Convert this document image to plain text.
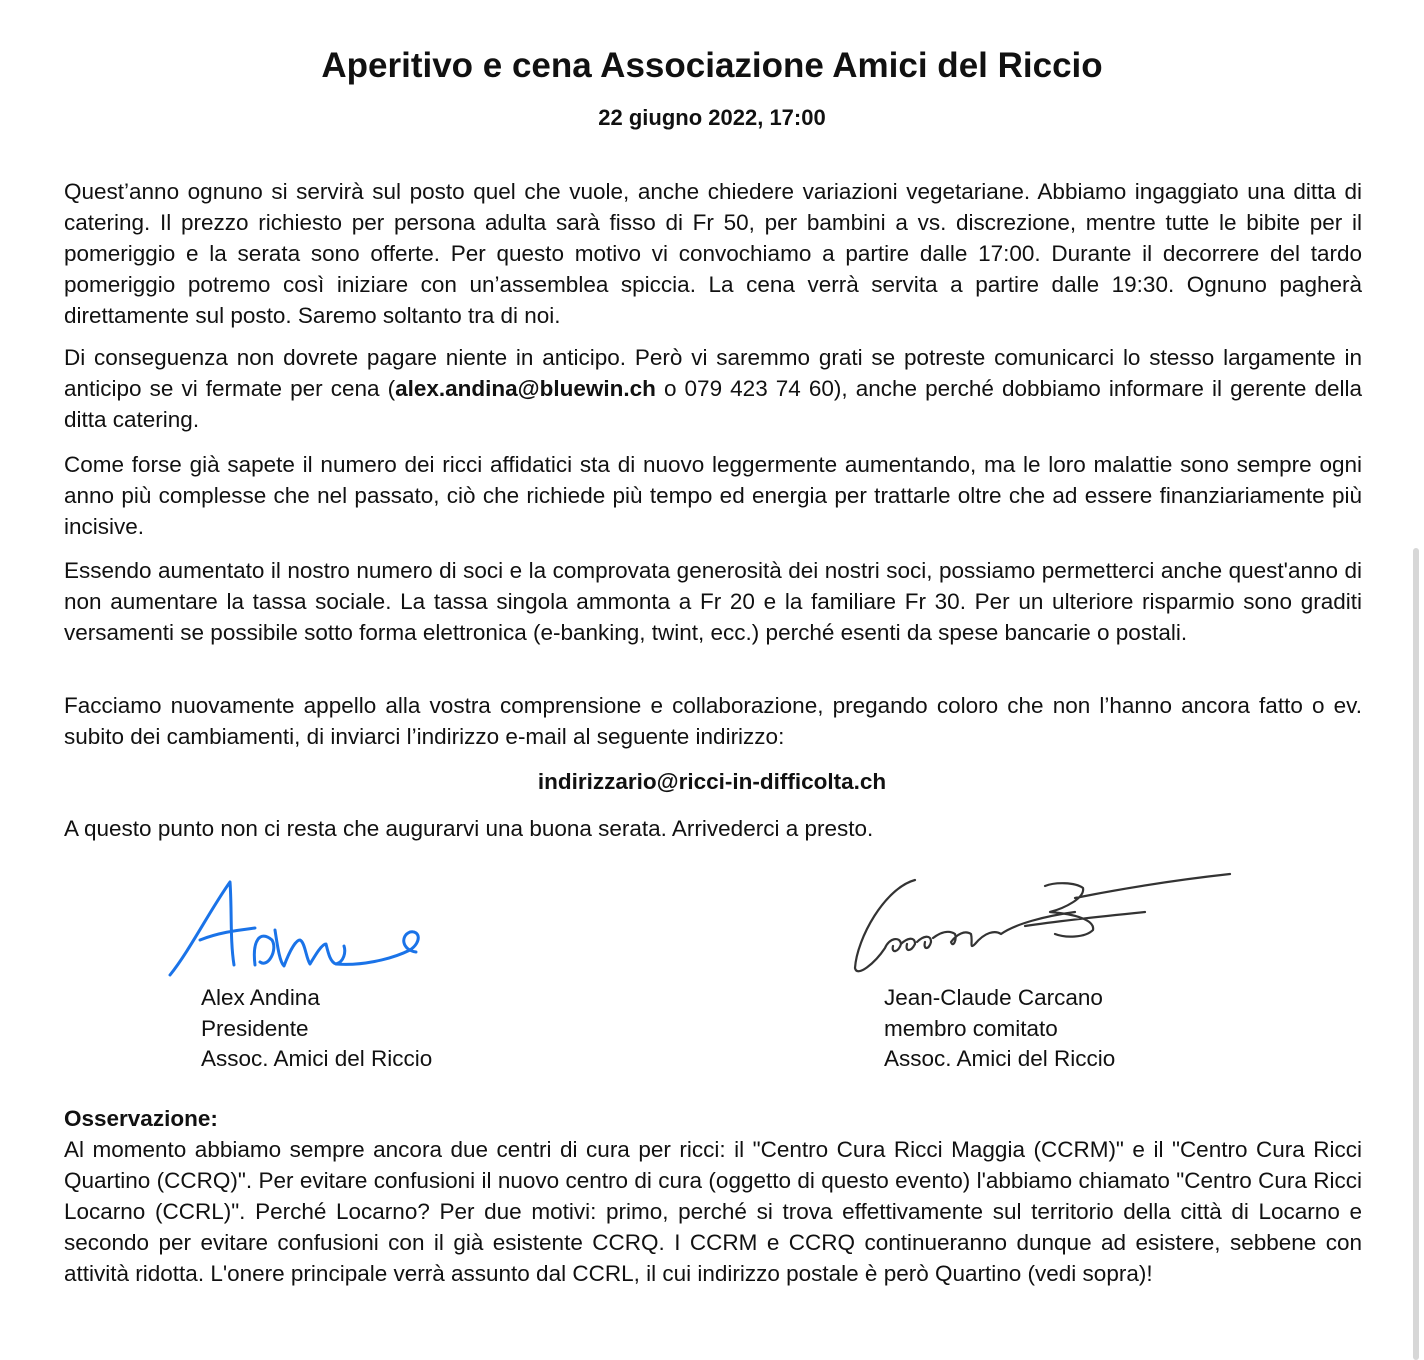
Aperitivo e cena Associazione Amici del Riccio
22 giugno 2022, 17:00

Quest’anno ognuno si servirà sul posto quel che vuole, anche chiedere variazioni vegetariane. Abbiamo ingaggiato una ditta di catering. Il prezzo richiesto per persona adulta sarà fisso di Fr 50, per bambini a vs. discrezione, mentre tutte le bibite per il pomeriggio e la serata sono offerte. Per questo motivo vi convochiamo a partire dalle 17:00. Durante il decorrere del tardo pomeriggio potremo così iniziare con un’assemblea spiccia. La cena verrà servita a partire dalle 19:30. Ognuno pagherà direttamente sul posto. Saremo soltanto tra di noi.

Di conseguenza non dovrete pagare niente in anticipo. Però vi saremmo grati se potreste comunicarci lo stesso largamente in anticipo se vi fermate per cena (alex.andina@bluewin.ch o 079 423 74 60), anche perché dobbiamo informare il gerente della ditta catering.

Come forse già sapete il numero dei ricci affidatici sta di nuovo leggermente aumentando, ma le loro malattie sono sempre ogni anno più complesse che nel passato, ciò che richiede più tempo ed energia per trattarle oltre che ad essere finanziariamente più incisive.

Essendo aumentato il nostro numero di soci e la comprovata generosità dei nostri soci, possiamo permetterci anche quest'anno di non aumentare la tassa sociale. La tassa singola ammonta a Fr 20 e la familiare Fr 30. Per un ulteriore risparmio sono graditi versamenti se possibile sotto forma elettronica (e-banking, twint, ecc.) perché esenti da spese bancarie o postali.

Facciamo nuovamente appello alla vostra comprensione e collaborazione, pregando coloro che non l’hanno ancora fatto o ev. subito dei cambiamenti, di inviarci l’indirizzo e-mail al seguente indirizzo:

indirizzario@ricci-in-difficolta.ch

A questo punto non ci resta che augurarvi una buona serata. Arrivederci a presto.

Alex Andina
Presidente
Assoc. Amici del Riccio
Jean-Claude Carcano
membro comitato
Assoc. Amici del Riccio
Osservazione:

Al momento abbiamo sempre ancora due centri di cura per ricci: il "Centro Cura Ricci Maggia (CCRM)" e il "Centro Cura Ricci Quartino (CCRQ)". Per evitare confusioni il nuovo centro di cura (oggetto di questo evento) l'abbiamo chiamato "Centro Cura Ricci Locarno (CCRL)". Perché Locarno? Per due motivi: primo, perché si trova effettivamente sul territorio della città di Locarno e secondo per evitare confusioni con il già esistente CCRQ. I CCRM e CCRQ continueranno dunque ad esistere, sebbene con attività ridotta. L'onere principale verrà assunto dal CCRL, il cui indirizzo postale è però Quartino (vedi sopra)!
